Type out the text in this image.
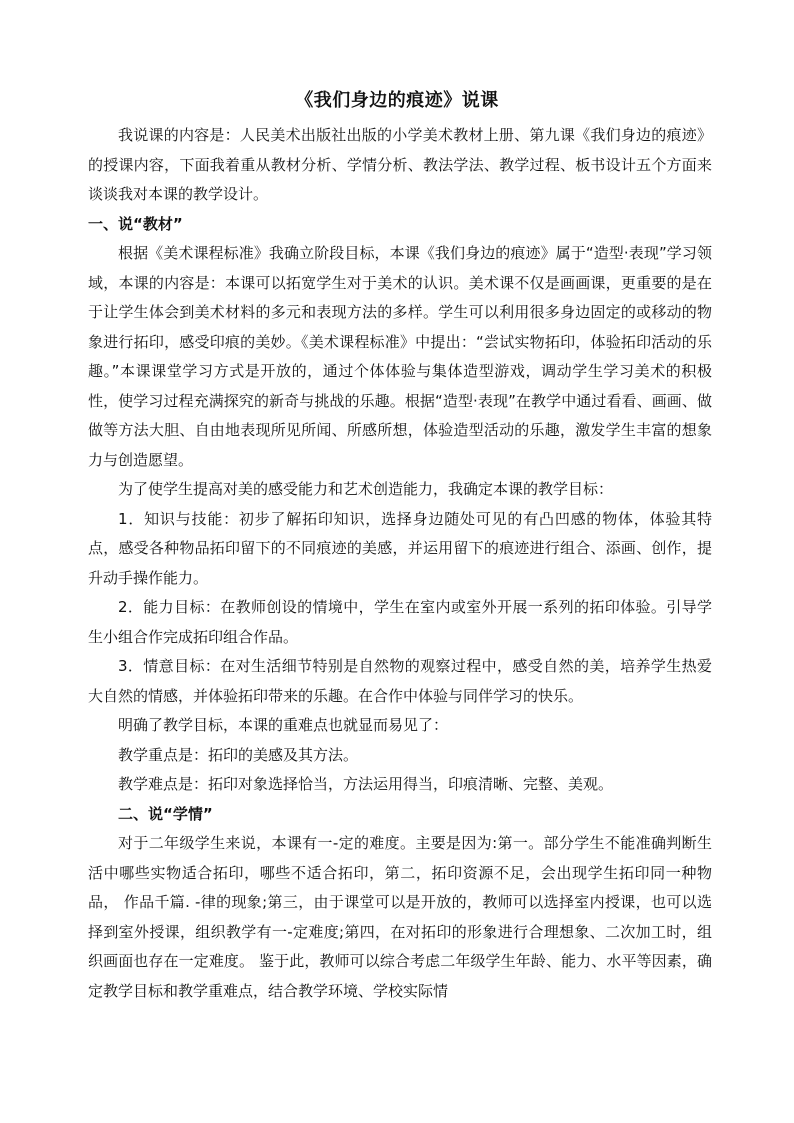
《我们身边的痕迹》说课

我说课的内容是：人民美术出版社出版的小学美术教材上册、第九课《我们身边的痕迹》的授课内容，下面我着重从教材分析、学情分析、教法学法、教学过程、板书设计五个方面来谈谈我对本课的教学设计。

一、说“教材”

根据《美术课程标准》我确立阶段目标，本课《我们身边的痕迹》属于“造型·表现”学习领域，本课的内容是：本课可以拓宽学生对于美术的认识。美术课不仅是画画课，更重要的是在于让学生体会到美术材料的多元和表现方法的多样。学生可以利用很多身边固定的或移动的物象进行拓印，感受印痕的美妙。《美术课程标准》中提出：“尝试实物拓印，体验拓印活动的乐趣。”本课课堂学习方式是开放的，通过个体体验与集体造型游戏，调动学生学习美术的积极性，使学习过程充满探究的新奇与挑战的乐趣。根据“造型·表现”在教学中通过看看、画画、做做等方法大胆、自由地表现所见所闻、所感所想，体验造型活动的乐趣，激发学生丰富的想象力与创造愿望。

为了使学生提高对美的感受能力和艺术创造能力，我确定本课的教学目标：

1．知识与技能：初步了解拓印知识，选择身边随处可见的有凸凹感的物体，体验其特点，感受各种物品拓印留下的不同痕迹的美感，并运用留下的痕迹进行组合、添画、创作，提升动手操作能力。

2．能力目标：在教师创设的情境中，学生在室内或室外开展一系列的拓印体验。引导学生小组合作完成拓印组合作品。

3．情意目标：在对生活细节特别是自然物的观察过程中，感受自然的美，培养学生热爱大自然的情感，并体验拓印带来的乐趣。在合作中体验与同伴学习的快乐。

明确了教学目标，本课的重难点也就显而易见了：

教学重点是：拓印的美感及其方法。

教学难点是：拓印对象选择恰当，方法运用得当，印痕清晰、完整、美观。

二、说“学情”

对于二年级学生来说，本课有一-定的难度。主要是因为:第一。部分学生不能准确判断生活中哪些实物适合拓印，哪些不适合拓印，第二，拓印资源不足，会出现学生拓印同一种物品， 作品千篇. -律的现象;第三，由于课堂可以是开放的，教师可以选择室内授课，也可以选择到室外授课，组织教学有一-定难度;第四，在对拓印的形象进行合理想象、二次加工时，组织画面也存在一定难度。 鉴于此，教师可以综合考虑二年级学生年龄、能力、水平等因素，确定教学目标和教学重难点，结合教学环境、学校实际情
